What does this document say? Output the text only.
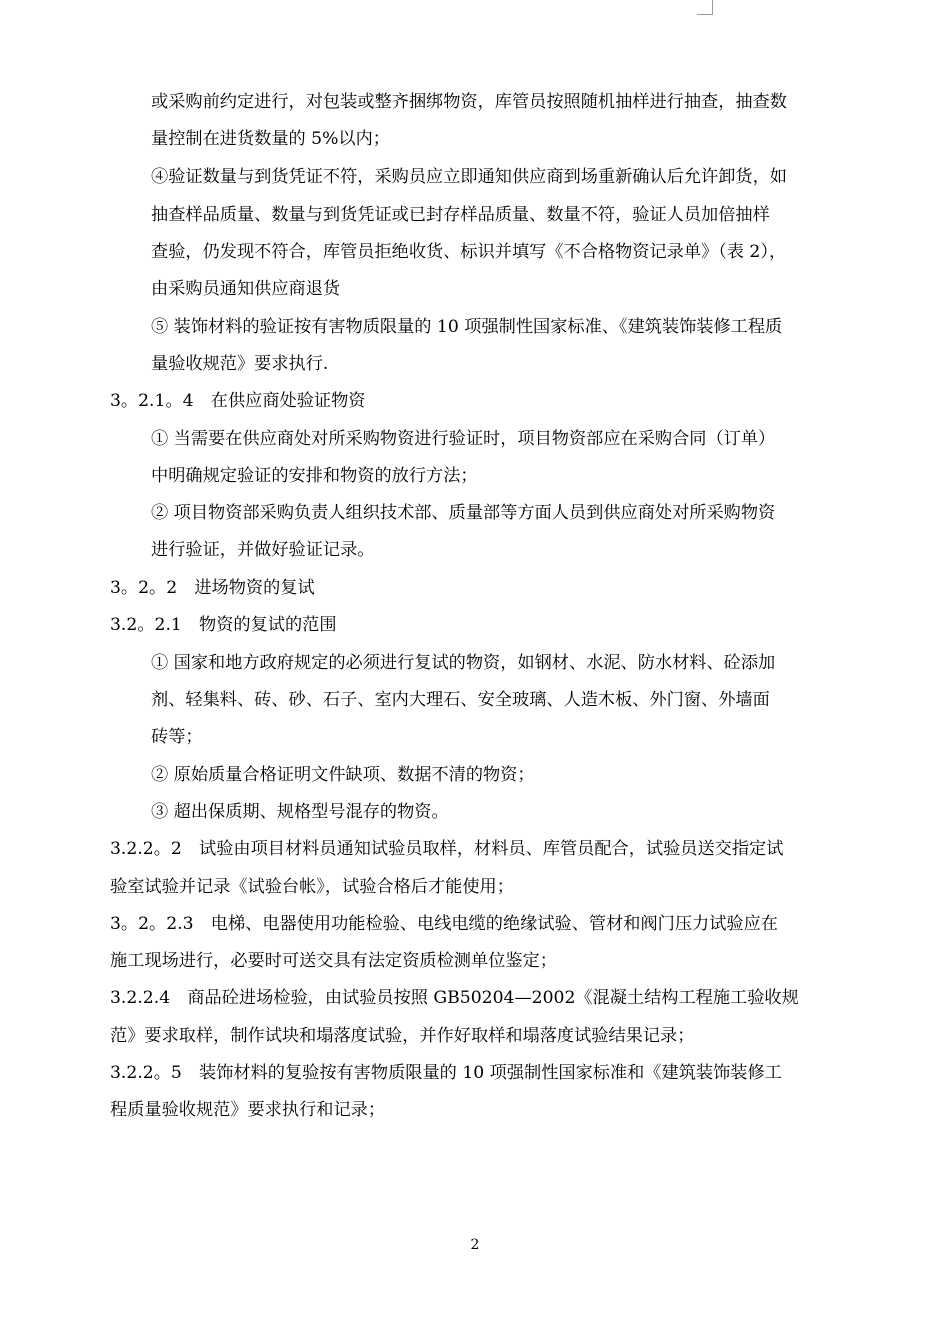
或采购前约定进行，对包装或整齐捆绑物资，库管员按照随机抽样进行抽查，抽查数
量控制在进货数量的 5%以内；
④验证数量与到货凭证不符，采购员应立即通知供应商到场重新确认后允许卸货，如
抽查样品质量、数量与到货凭证或已封存样品质量、数量不符，验证人员加倍抽样
查验，仍发现不符合，库管员拒绝收货、标识并填写《不合格物资记录单》（表 2），
由采购员通知供应商退货
⑤ 装饰材料的验证按有害物质限量的 10 项强制性国家标准、《建筑装饰装修工程质
量验收规范》要求执行.
3。2.1。4　在供应商处验证物资
① 当需要在供应商处对所采购物资进行验证时，项目物资部应在采购合同（订单）
中明确规定验证的安排和物资的放行方法；
② 项目物资部采购负责人组织技术部、质量部等方面人员到供应商处对所采购物资
进行验证，并做好验证记录。
3。2。2　进场物资的复试
3.2。2.1　物资的复试的范围
① 国家和地方政府规定的必须进行复试的物资，如钢材、水泥、防水材料、砼添加
剂、轻集料、砖、砂、石子、室内大理石、安全玻璃、人造木板、外门窗、外墙面
砖等；
② 原始质量合格证明文件缺项、数据不清的物资；
③ 超出保质期、规格型号混存的物资。
3.2.2。2　试验由项目材料员通知试验员取样，材料员、库管员配合，试验员送交指定试
验室试验并记录《试验台帐》，试验合格后才能使用；
3。2。2.3　电梯、电器使用功能检验、电线电缆的绝缘试验、管材和阀门压力试验应在
施工现场进行，必要时可送交具有法定资质检测单位鉴定；
3.2.2.4　商品砼进场检验，由试验员按照 GB50204—2002《混凝土结构工程施工验收规
范》要求取样，制作试块和塌落度试验，并作好取样和塌落度试验结果记录；
3.2.2。5　装饰材料的复验按有害物质限量的 10 项强制性国家标准和《建筑装饰装修工
程质量验收规范》要求执行和记录；
2
